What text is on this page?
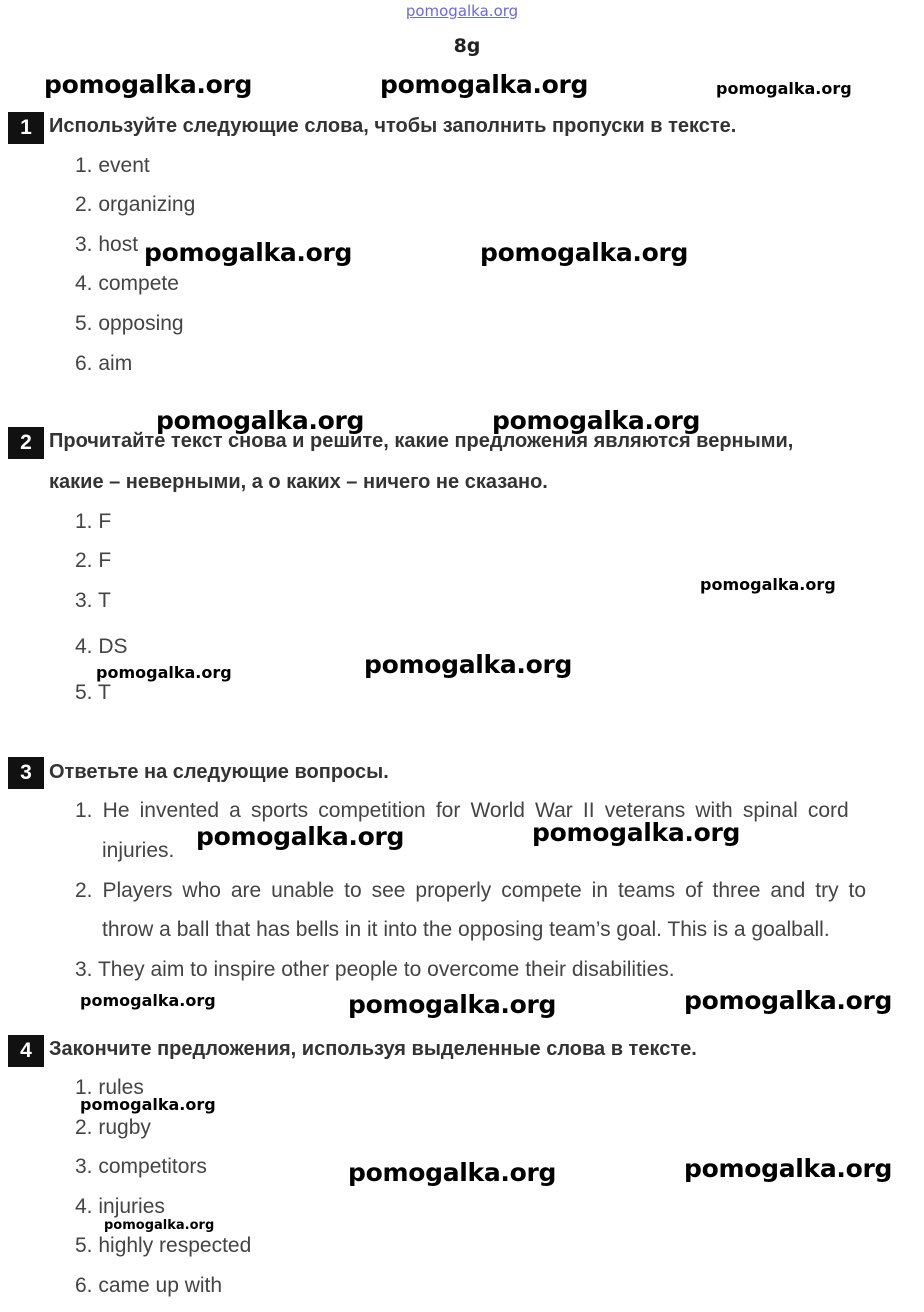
pomogalka.org
8g
pomogalka.org	pomogalka.org	pomogalka.org
pomogalka.org	pomogalka.org
pomogalka.org	pomogalka.org
pomogalka.org
pomogalka.org	pomogalka.org
pomogalka.org	pomogalka.org
pomogalka.org	pomogalka.org	pomogalka.org
pomogalka.org
pomogalka.org	pomogalka.org
pomogalka.org
1 Используйте следующие слова, чтобы заполнить пропуски в тексте.
1. event
2. organizing
3. host
4. compete
5. opposing
6. aim
2 Прочитайте текст снова и решите, какие предложения являются верными,
какие – неверными, а о каких – ничего не сказано.
1. F
2. F
3. T
4. DS
5. T
3 Ответьте на следующие вопросы.
1. He invented a sports competition for World War II veterans with spinal cord
injuries.
2. Players who are unable to see properly compete in teams of three and try to
throw a ball that has bells in it into the opposing team’s goal. This is a goalball.
3. They aim to inspire other people to overcome their disabilities.
4 Закончите предложения, используя выделенные слова в тексте.
1. rules
2. rugby
3. competitors
4. injuries
5. highly respected
6. came up with
